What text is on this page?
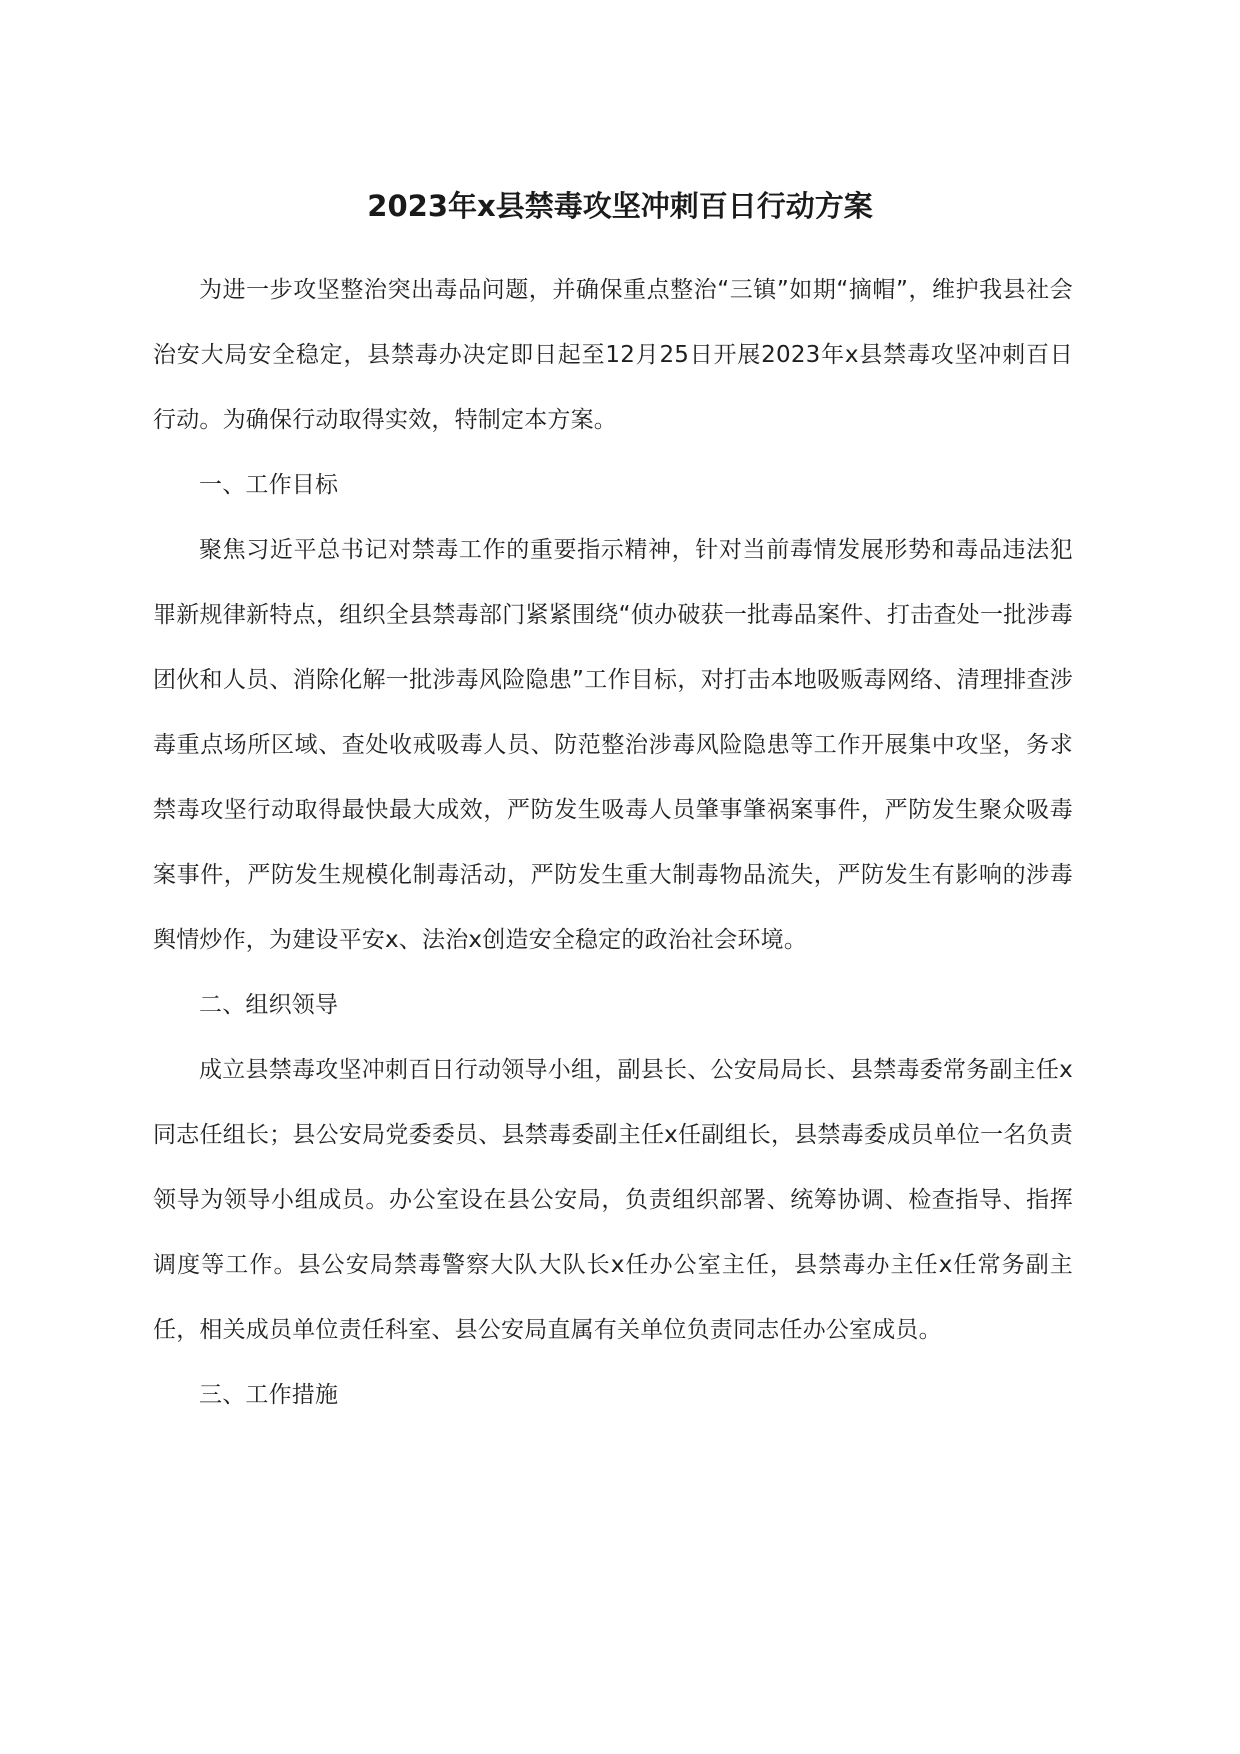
2023年x县禁毒攻坚冲刺百日行动方案

为进一步攻坚整治突出毒品问题，并确保重点整治“三镇”如期“摘帽”，维护我县社会治安大局安全稳定，县禁毒办决定即日起至12月25日开展2023年x县禁毒攻坚冲刺百日行动。为确保行动取得实效，特制定本方案。

一、工作目标

聚焦习近平总书记对禁毒工作的重要指示精神，针对当前毒情发展形势和毒品违法犯罪新规律新特点，组织全县禁毒部门紧紧围绕“侦办破获一批毒品案件、打击查处一批涉毒团伙和人员、消除化解一批涉毒风险隐患”工作目标，对打击本地吸贩毒网络、清理排查涉毒重点场所区域、查处收戒吸毒人员、防范整治涉毒风险隐患等工作开展集中攻坚，务求禁毒攻坚行动取得最快最大成效，严防发生吸毒人员肇事肇祸案事件，严防发生聚众吸毒案事件，严防发生规模化制毒活动，严防发生重大制毒物品流失，严防发生有影响的涉毒舆情炒作，为建设平安x、法治x创造安全稳定的政治社会环境。

二、组织领导

成立县禁毒攻坚冲刺百日行动领导小组，副县长、公安局局长、县禁毒委常务副主任x同志任组长；县公安局党委委员、县禁毒委副主任x任副组长，县禁毒委成员单位一名负责领导为领导小组成员。办公室设在县公安局，负责组织部署、统筹协调、检查指导、指挥调度等工作。县公安局禁毒警察大队大队长x任办公室主任，县禁毒办主任x任常务副主任，相关成员单位责任科室、县公安局直属有关单位负责同志任办公室成员。

三、工作措施
